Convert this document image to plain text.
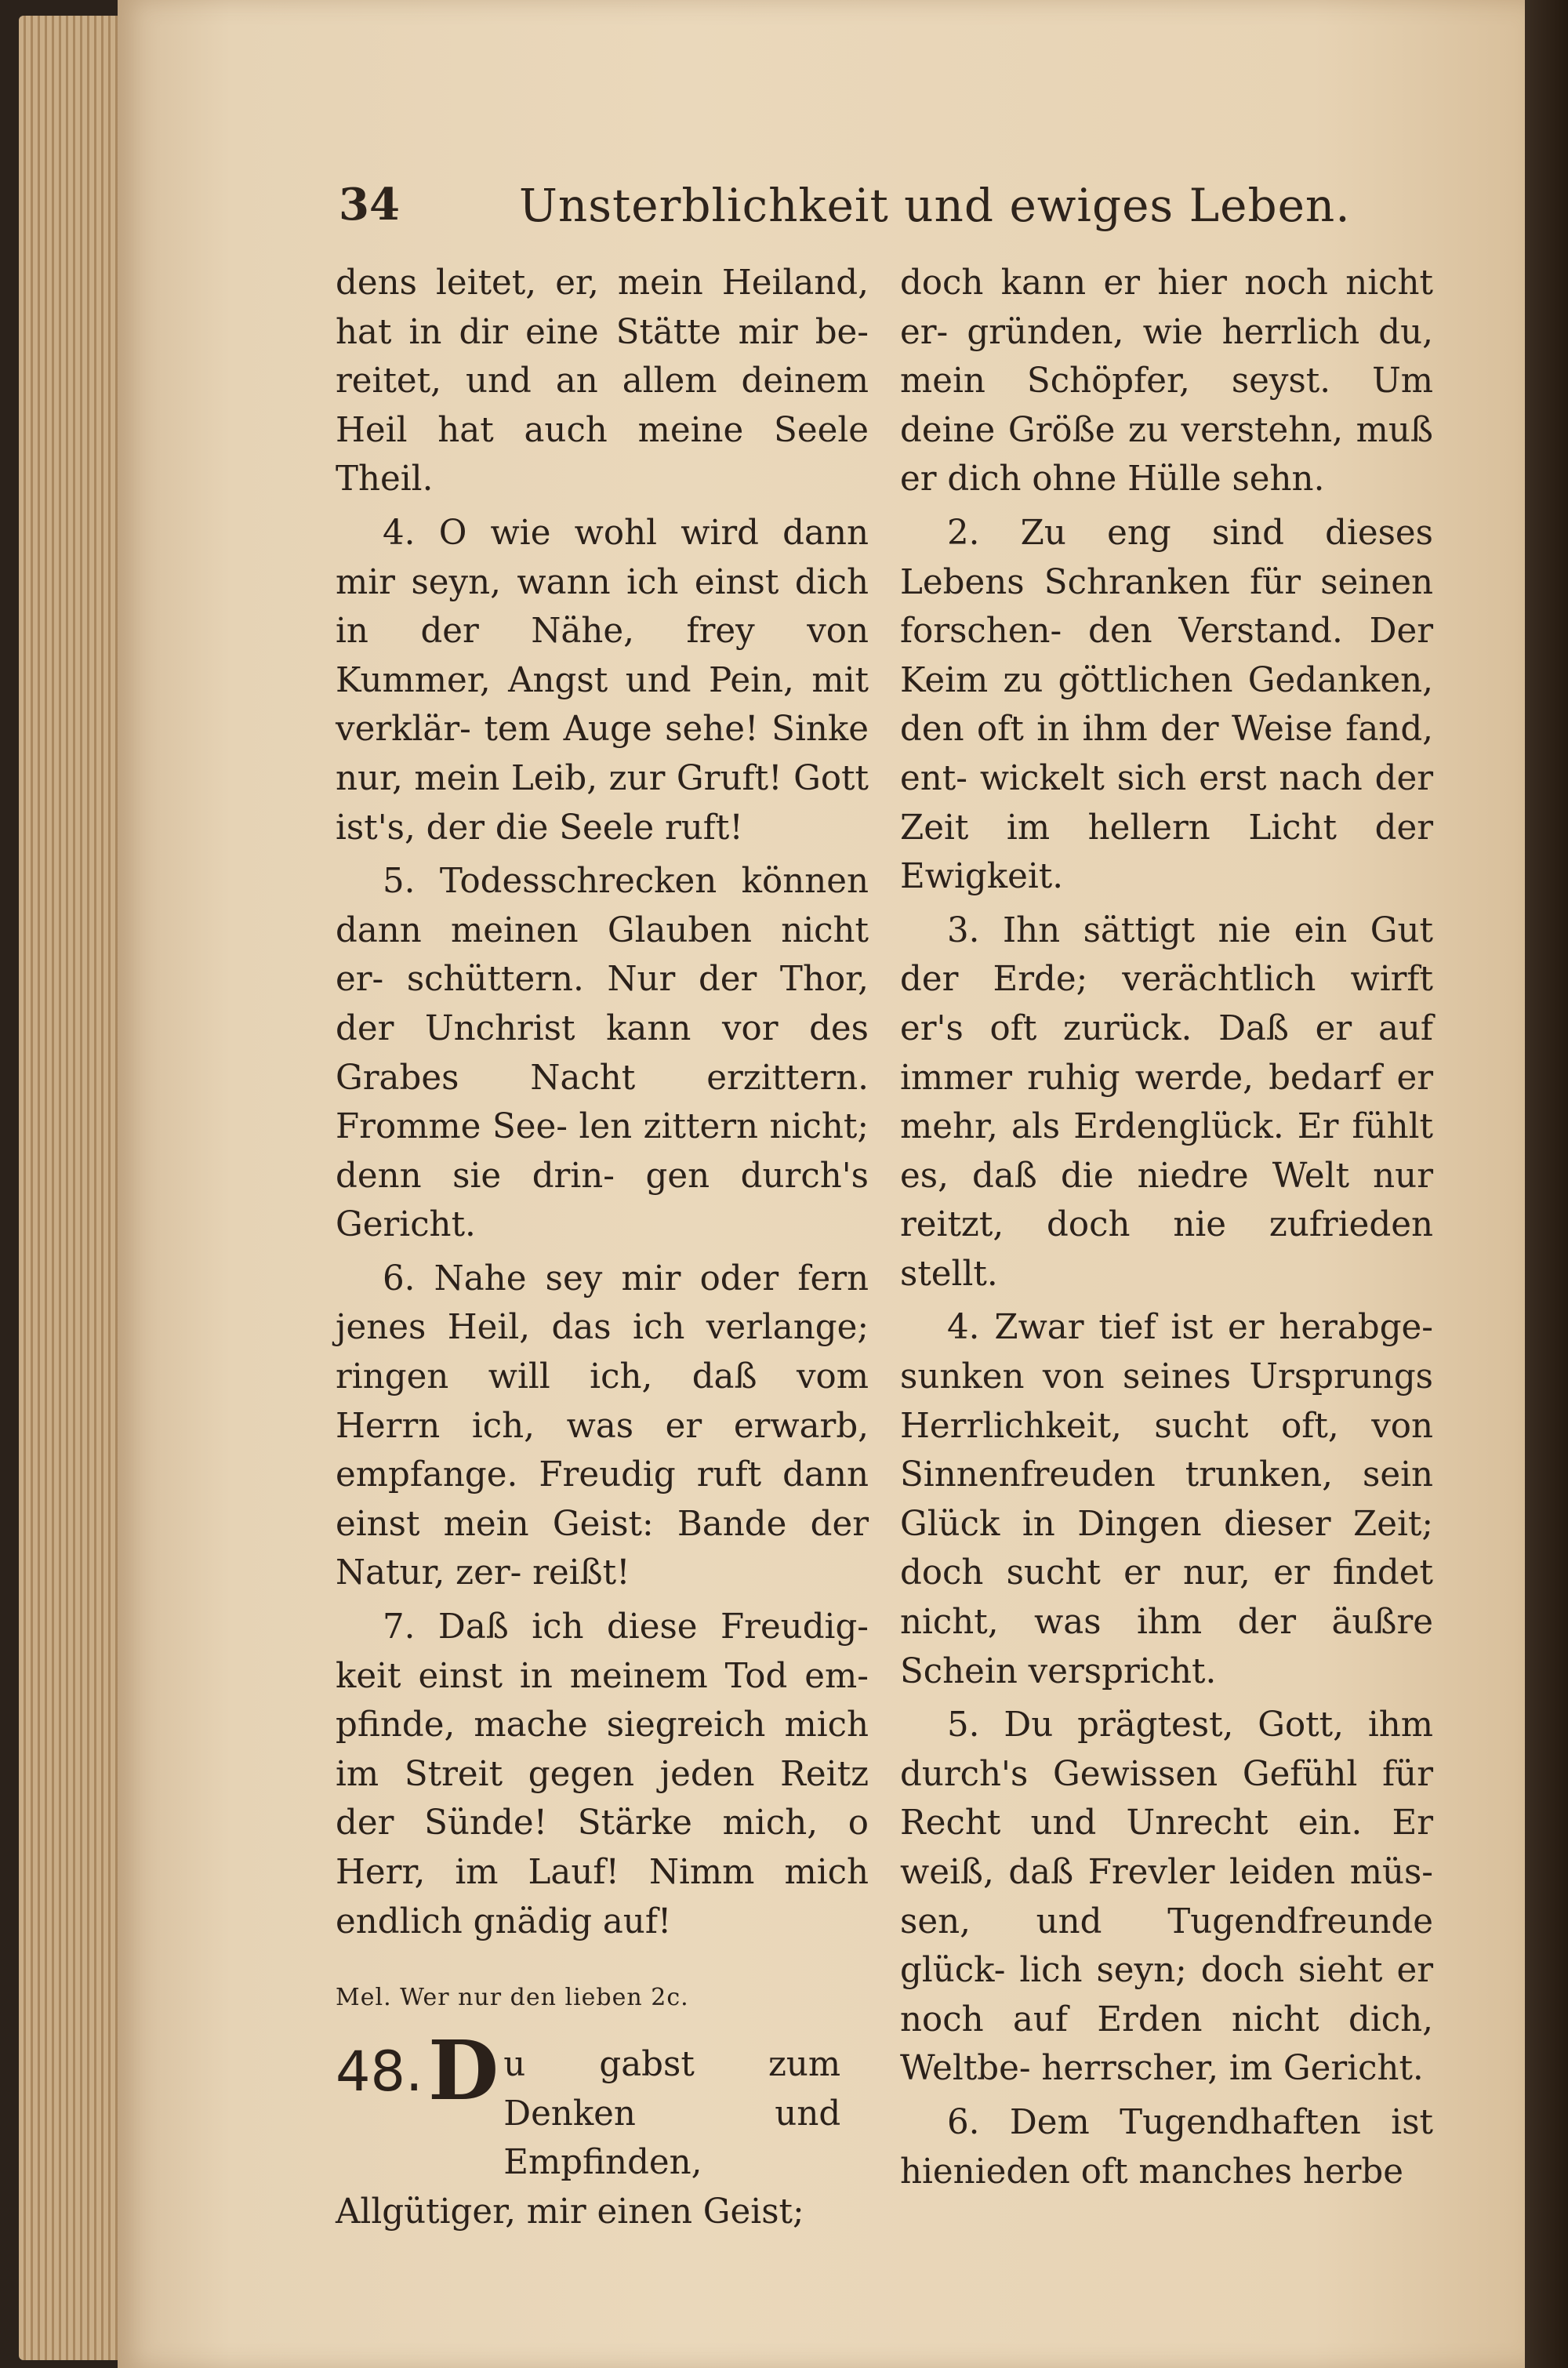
34	Unsterblichkeit und ewiges Leben.

dens leitet, er, mein Heiland, hat in dir eine Stätte mir be- reitet, und an allem deinem Heil hat auch meine Seele Theil.

4. O wie wohl wird dann mir seyn, wann ich einst dich in der Nähe, frey von Kummer, Angst und Pein, mit verklär- tem Auge sehe! Sinke nur, mein Leib, zur Gruft! Gott ist's, der die Seele ruft!

5. Todesschrecken können dann meinen Glauben nicht er- schüttern. Nur der Thor, der Unchrist kann vor des Grabes Nacht erzittern. Fromme See- len zittern nicht; denn sie drin- gen durch's Gericht.

6. Nahe sey mir oder fern jenes Heil, das ich verlange; ringen will ich, daß vom Herrn ich, was er erwarb, empfange. Freudig ruft dann einst mein Geist: Bande der Natur, zer- reißt!

7. Daß ich diese Freudig- keit einst in meinem Tod em- pfinde, mache siegreich mich im Streit gegen jeden Reitz der Sünde! Stärke mich, o Herr, im Lauf! Nimm mich endlich gnädig auf!

Mel. Wer nur den lieben 2c.

48.D u gabst zum Denken und Empfinden,

Allgütiger, mir einen Geist;

doch kann er hier noch nicht er- gründen, wie herrlich du, mein Schöpfer, seyst. Um deine Größe zu verstehn, muß er dich ohne Hülle sehn.

2. Zu eng sind dieses Lebens Schranken für seinen forschen- den Verstand. Der Keim zu göttlichen Gedanken, den oft in ihm der Weise fand, ent- wickelt sich erst nach der Zeit im hellern Licht der Ewigkeit.

3. Ihn sättigt nie ein Gut der Erde; verächtlich wirft er's oft zurück. Daß er auf immer ruhig werde, bedarf er mehr, als Erdenglück. Er fühlt es, daß die niedre Welt nur reitzt, doch nie zufrieden stellt.

4. Zwar tief ist er herabge- sunken von seines Ursprungs Herrlichkeit, sucht oft, von Sinnenfreuden trunken, sein Glück in Dingen dieser Zeit; doch sucht er nur, er findet nicht, was ihm der äußre Schein verspricht.

5. Du prägtest, Gott, ihm durch's Gewissen Gefühl für Recht und Unrecht ein. Er weiß, daß Frevler leiden müs- sen, und Tugendfreunde glück- lich seyn; doch sieht er noch auf Erden nicht dich, Weltbe- herrscher, im Gericht.

6. Dem Tugendhaften ist hienieden oft manches herbe
